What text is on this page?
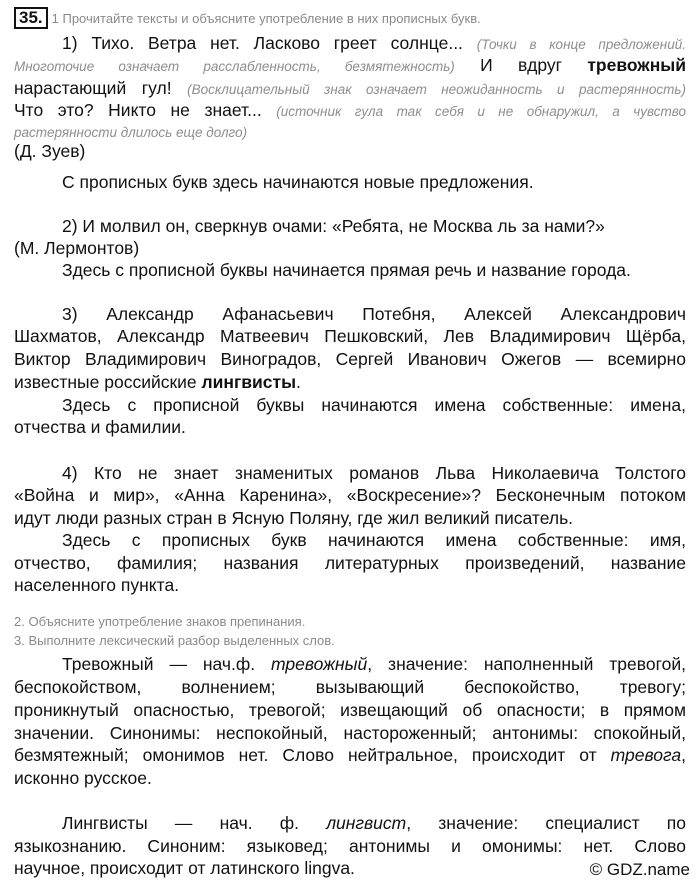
35. 1 Прочитайте тексты и объясните употребление в них прописных букв.
1) Тихо. Ветра нет. Ласково греет солнце... (Точки в конце предложений.
Многоточие означает расслабленность, безмятежность) И вдруг тревожный
нарастающий гул! (Восклицательный знак означает неожиданность и растерянность)
Что это? Никто не знает... (источник гула так себя и не обнаружил, а чувство
растерянности длилось еще долго)
(Д. Зуев)
С прописных букв здесь начинаются новые предложения.
2) И молвил он, сверкнув очами: «Ребята, не Москва ль за нами?»
(М. Лермонтов)
Здесь с прописной буквы начинается прямая речь и название города.
3) Александр Афанасьевич Потебня, Алексей Александрович
Шахматов, Александр Матвеевич Пешковский, Лев Владимирович Щёрба,
Виктор Владимирович Виноградов, Сергей Иванович Ожегов — всемирно
известные российские лингвисты.
Здесь с прописной буквы начинаются имена собственные: имена,
отчества и фамилии.
4) Кто не знает знаменитых романов Льва Николаевича Толстого
«Война и мир», «Анна Каренина», «Воскресение»? Бесконечным потоком
идут люди разных стран в Ясную Поляну, где жил великий писатель.
Здесь с прописных букв начинаются имена собственные: имя,
отчество, фамилия; названия литературных произведений, название
населенного пункта.
2. Объясните употребление знаков препинания.
3. Выполните лексический разбор выделенных слов.
Тревожный — нач.ф. тревожный, значение: наполненный тревогой,
беспокойством, волнением; вызывающий беспокойство, тревогу;
проникнутый опасностью, тревогой; извещающий об опасности; в прямом
значении. Синонимы: неспокойный, настороженный; антонимы: спокойный,
безмятежный; омонимов нет. Слово нейтральное, происходит от тревога,
исконно русское.
Лингвисты — нач. ф. лингвист, значение: специалист по
языкознанию. Синоним: языковед; антонимы и омонимы: нет. Слово
научное, происходит от латинского lingva.	© GDZ.name
